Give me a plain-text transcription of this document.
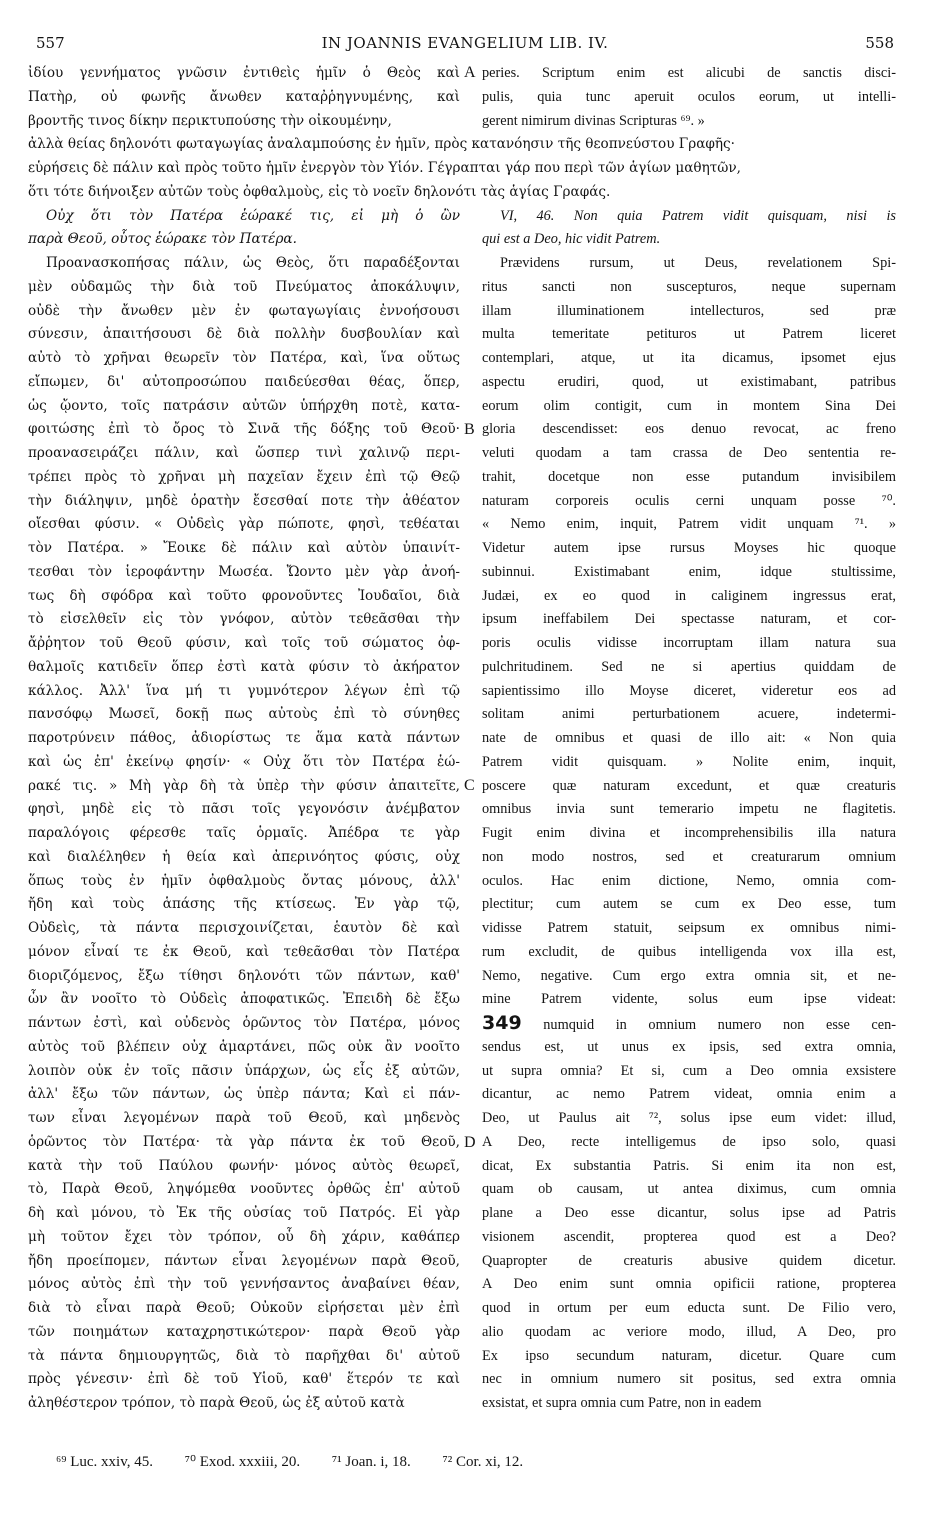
557	IN JOANNIS EVANGELIUM LIB. IV.	558
ἰδίου γεννήματος γνῶσιν ἐντιθεὶς ἡμῖν ὁ Θεὸς καὶ
Πατὴρ, οὐ φωνῆς ἄνωθεν καταῤῥηγνυμένης, καὶ
βροντῆς τινος δίκην περικτυπούσης τὴν οἰκουμένην,
ἀλλὰ θείας δηλονότι φωταγωγίας ἀναλαμπούσης ἐν ἡμῖν, πρὸς κατανόησιν τῆς θεοπνεύστου Γραφῆς·
εὑρήσεις δὲ πάλιν καὶ πρὸς τοῦτο ἡμῖν ἐνεργὸν τὸν Υἱόν. Γέγραπται γάρ που περὶ τῶν ἁγίων μαθητῶν,
ὅτι τότε διήνοιξεν αὐτῶν τοὺς ὀφθαλμοὺς, εἰς τὸ νοεῖν δηλονότι τὰς ἁγίας Γραφάς.
Οὐχ ὅτι τὸν Πατέρα ἑώρακέ τις, εἰ μὴ ὁ ὢν
παρὰ Θεοῦ, οὗτος ἑώρακε τὸν Πατέρα.
Προανασκοπήσας πάλιν, ὡς Θεὸς, ὅτι παραδέξονται
μὲν οὐδαμῶς τὴν διὰ τοῦ Πνεύματος ἀποκάλυψιν,
οὐδὲ τὴν ἄνωθεν μὲν ἐν φωταγωγίαις ἐννοήσουσι
σύνεσιν, ἀπαιτήσουσι δὲ διὰ πολλὴν δυσβουλίαν καὶ
αὐτὸ τὸ χρῆναι θεωρεῖν τὸν Πατέρα, καὶ, ἵνα οὕτως
εἴπωμεν, δι' αὐτοπροσώπου παιδεύεσθαι θέας, ὅπερ,
ὡς ᾤοντο, τοῖς πατράσιν αὐτῶν ὑπήρχθη ποτὲ, κατα-
φοιτώσης ἐπὶ τὸ ὄρος τὸ Σινᾶ τῆς δόξης τοῦ Θεοῦ·
προανασειράζει πάλιν, καὶ ὥσπερ τινὶ χαλινῷ περι-
τρέπει πρὸς τὸ χρῆναι μὴ παχεῖαν ἔχειν ἐπὶ τῷ Θεῷ
τὴν διάληψιν, μηδὲ ὁρατὴν ἔσεσθαί ποτε τὴν ἀθέατον
οἴεσθαι φύσιν. « Οὐδεὶς γὰρ πώποτε, φησὶ, τεθέαται
τὸν Πατέρα. » Ἔοικε δὲ πάλιν καὶ αὐτὸν ὑπαινίτ-
τεσθαι τὸν ἱεροφάντην Μωσέα. Ὤοντο μὲν γὰρ ἀνοή-
τως δὴ σφόδρα καὶ τοῦτο φρονοῦντες Ἰουδαῖοι, διὰ
τὸ εἰσελθεῖν εἰς τὸν γνόφον, αὐτὸν τεθεᾶσθαι τὴν
ἄῤῥητον τοῦ Θεοῦ φύσιν, καὶ τοῖς τοῦ σώματος ὀφ-
θαλμοῖς κατιδεῖν ὅπερ ἐστὶ κατὰ φύσιν τὸ ἀκήρατον
κάλλος. Ἀλλ' ἵνα μή τι γυμνότερον λέγων ἐπὶ τῷ
πανσόφῳ Μωσεῖ, δοκῇ πως αὐτοὺς ἐπὶ τὸ σύνηθες
παροτρύνειν πάθος, ἀδιορίστως τε ἅμα κατὰ πάντων
καὶ ὡς ἐπ' ἐκείνῳ φησίν· « Οὐχ ὅτι τὸν Πατέρα ἑώ-
ρακέ τις. » Μὴ γὰρ δὴ τὰ ὑπὲρ τὴν φύσιν ἀπαιτεῖτε,
φησὶ, μηδὲ εἰς τὸ πᾶσι τοῖς γεγονόσιν ἀνέμβατον
παραλόγοις φέρεσθε ταῖς ὁρμαῖς. Ἀπέδρα τε γὰρ
καὶ διαλέληθεν ἡ θεία καὶ ἀπερινόητος φύσις, οὐχ
ὅπως τοὺς ἐν ἡμῖν ὀφθαλμοὺς ὄντας μόνους, ἀλλ'
ἤδη καὶ τοὺς ἁπάσης τῆς κτίσεως. Ἐν γὰρ τῷ,
Οὐδεὶς, τὰ πάντα περισχοινίζεται, ἑαυτὸν δὲ καὶ
μόνον εἶναί τε ἐκ Θεοῦ, καὶ τεθεᾶσθαι τὸν Πατέρα
διοριζόμενος, ἔξω τίθησι δηλονότι τῶν πάντων, καθ'
ὧν ἂν νοοῖτο τὸ Οὐδεὶς ἀποφατικῶς. Ἐπειδὴ δὲ ἔξω
πάντων ἐστὶ, καὶ οὐδενὸς ὁρῶντος τὸν Πατέρα, μόνος
αὐτὸς τοῦ βλέπειν οὐχ ἁμαρτάνει, πῶς οὐκ ἂν νοοῖτο
λοιπὸν οὐκ ἐν τοῖς πᾶσιν ὑπάρχων, ὡς εἷς ἐξ αὐτῶν,
ἀλλ' ἔξω τῶν πάντων, ὡς ὑπὲρ πάντα; Καὶ εἰ πάν-
των εἶναι λεγομένων παρὰ τοῦ Θεοῦ, καὶ μηδενὸς
ὁρῶντος τὸν Πατέρα· τὰ γὰρ πάντα ἐκ τοῦ Θεοῦ,
κατὰ τὴν τοῦ Παύλου φωνήν· μόνος αὐτὸς θεωρεῖ,
τὸ, Παρὰ Θεοῦ, ληψόμεθα νοοῦντες ὀρθῶς ἐπ' αὐτοῦ
δὴ καὶ μόνου, τὸ Ἐκ τῆς οὐσίας τοῦ Πατρός. Εἰ γὰρ
μὴ τοῦτον ἔχει τὸν τρόπον, οὗ δὴ χάριν, καθάπερ
ἤδη προείπομεν, πάντων εἶναι λεγομένων παρὰ Θεοῦ,
μόνος αὐτὸς ἐπὶ τὴν τοῦ γεννήσαντος ἀναβαίνει θέαν,
διὰ τὸ εἶναι παρὰ Θεοῦ; Οὐκοῦν εἰρήσεται μὲν ἐπὶ
τῶν ποιημάτων καταχρηστικώτερον· παρὰ Θεοῦ γὰρ
τὰ πάντα δημιουργητῶς, διὰ τὸ παρῆχθαι δι' αὐτοῦ
πρὸς γένεσιν· ἐπὶ δὲ τοῦ Υἱοῦ, καθ' ἕτερόν τε καὶ
ἀληθέστερον τρόπον, τὸ παρὰ Θεοῦ, ὡς ἐξ αὐτοῦ κατὰ
peries. Scriptum enim est alicubi de sanctis disci-
pulis, quia tunc aperuit oculos eorum, ut intelli-
gerent nimirum divinas Scripturas ⁶⁹. »
VI, 46. Non quia Patrem vidit quisquam, nisi is
qui est a Deo, hic vidit Patrem.
Prævidens rursum, ut Deus, revelationem Spi-
ritus sancti non suscepturos, neque supernam
illam illuminationem intellecturos, sed præ
multa temeritate petituros ut Patrem liceret
contemplari, atque, ut ita dicamus, ipsomet ejus
aspectu erudiri, quod, ut existimabant, patribus
eorum olim contigit, cum in montem Sina Dei
gloria descendisset: eos denuo revocat, ac freno
veluti quodam a tam crassa de Deo sententia re-
trahit, docetque non esse putandum invisibilem
naturam corporeis oculis cerni unquam posse ⁷⁰.
« Nemo enim, inquit, Patrem vidit unquam ⁷¹. »
Videtur autem ipse rursus Moyses hic quoque
subinnui. Existimabant enim, idque stultissime,
Judæi, ex eo quod in caliginem ingressus erat,
ipsum ineffabilem Dei spectasse naturam, et cor-
poris oculis vidisse incorruptam illam natura sua
pulchritudinem. Sed ne si apertius quiddam de
sapientissimo illo Moyse diceret, videretur eos ad
solitam animi perturbationem acuere, indetermi-
nate de omnibus et quasi de illo ait: « Non quia
Patrem vidit quisquam. » Nolite enim, inquit,
poscere quæ naturam excedunt, et quæ creaturis
omnibus invia sunt temerario impetu ne flagitetis.
Fugit enim divina et incomprehensibilis illa natura
non modo nostros, sed et creaturarum omnium
oculos. Hac enim dictione, Nemo, omnia com-
plectitur; cum autem se cum ex Deo esse, tum
vidisse Patrem statuit, seipsum ex omnibus nimi-
rum excludit, de quibus intelligenda vox illa est,
Nemo, negative. Cum ergo extra omnia sit, et ne-
mine Patrem vidente, solus eum ipse videat:
349 numquid in omnium numero non esse cen-
sendus est, ut unus ex ipsis, sed extra omnia,
ut supra omnia? Et si, cum a Deo omnia exsistere
dicantur, ac nemo Patrem videat, omnia enim a
Deo, ut Paulus ait ⁷², solus ipse eum videt: illud,
A Deo, recte intelligemus de ipso solo, quasi
dicat, Ex substantia Patris. Si enim ita non est,
quam ob causam, ut antea diximus, cum omnia
plane a Deo esse dicantur, solus ipse ad Patris
visionem ascendit, propterea quod est a Deo?
Quapropter de creaturis abusive quidem dicetur.
A Deo enim sunt omnia opificii ratione, propterea
quod in ortum per eum educta sunt. De Filio vero,
alio quodam ac veriore modo, illud, A Deo, pro
Ex ipso secundum naturam, dicetur. Quare cum
nec in omnium numero sit positus, sed extra omnia
exsistat, et supra omnia cum Patre, non in eadem
A
B
C
D
⁶⁹ Luc. xxiv, 45. ⁷⁰ Exod. xxxiii, 20. ⁷¹ Joan. i, 18. ⁷² Cor. xi, 12.
